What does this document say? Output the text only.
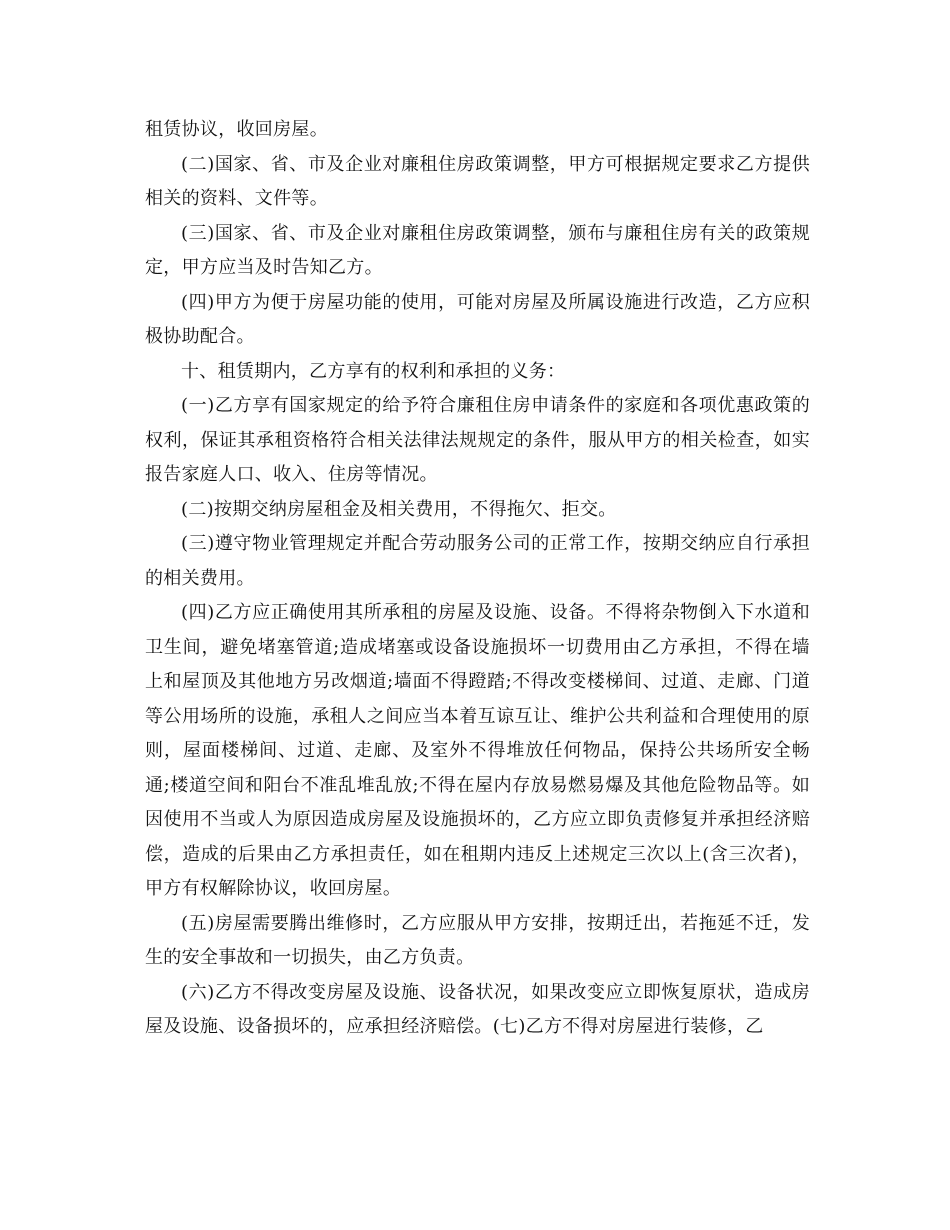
租赁协议，收回房屋。

(二)国家、省、市及企业对廉租住房政策调整，甲方可根据规定要求乙方提供相关的资料、文件等。

(三)国家、省、市及企业对廉租住房政策调整，颁布与廉租住房有关的政策规定，甲方应当及时告知乙方。

(四)甲方为便于房屋功能的使用，可能对房屋及所属设施进行改造，乙方应积极协助配合。

十、租赁期内，乙方享有的权利和承担的义务：

(一)乙方享有国家规定的给予符合廉租住房申请条件的家庭和各项优惠政策的权利，保证其承租资格符合相关法律法规规定的条件，服从甲方的相关检查，如实报告家庭人口、收入、住房等情况。

(二)按期交纳房屋租金及相关费用，不得拖欠、拒交。

(三)遵守物业管理规定并配合劳动服务公司的正常工作，按期交纳应自行承担的相关费用。

(四)乙方应正确使用其所承租的房屋及设施、设备。不得将杂物倒入下水道和卫生间，避免堵塞管道;造成堵塞或设备设施损坏一切费用由乙方承担，不得在墙上和屋顶及其他地方另改烟道;墙面不得蹬踏;不得改变楼梯间、过道、走廊、门道等公用场所的设施，承租人之间应当本着互谅互让、维护公共利益和合理使用的原则，屋面楼梯间、过道、走廊、及室外不得堆放任何物品，保持公共场所安全畅通;楼道空间和阳台不准乱堆乱放;不得在屋内存放易燃易爆及其他危险物品等。如因使用不当或人为原因造成房屋及设施损坏的，乙方应立即负责修复并承担经济赔偿，造成的后果由乙方承担责任，如在租期内违反上述规定三次以上(含三次者)，甲方有权解除协议，收回房屋。

(五)房屋需要腾出维修时，乙方应服从甲方安排，按期迁出，若拖延不迁，发生的安全事故和一切损失，由乙方负责。

(六)乙方不得改变房屋及设施、设备状况，如果改变应立即恢复原状，造成房屋及设施、设备损坏的，应承担经济赔偿。(七)乙方不得对房屋进行装修，乙
